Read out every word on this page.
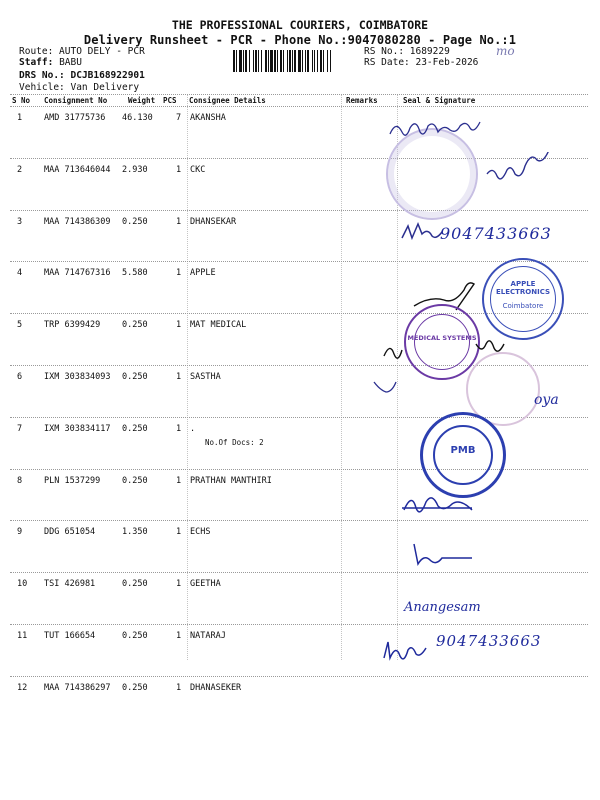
THE PROFESSIONAL COURIERS, COIMBATORE
Delivery Runsheet - PCR - Phone No.:9047080280 - Page No.:1
Route: AUTO DELY - PCR
Staff: BABU
DRS No.: DCJB168922901
Vehicle: Van Delivery
RS No.: 1689229
RS Date: 23-Feb-2026
mo
S No Consignment No	Weight PCS Consignee Details	Remarks	Seal & Signature
1	AMD 31775736 46.130	7 AKANSHA
2	MAA 713646044 2.930	1 CKC
3	MAA 714386309 0.250	1 DHANSEKAR
4	MAA 714767316 5.580	1 APPLE
5	TRP 6399429	0.250	1 MAT MEDICAL
6	IXM 303834093 0.250	1 SASTHA
7	IXM 303834117 0.250	1 .
No.Of Docs: 2
8	PLN 1537299	0.250	1 PRATHAN MANTHIRI
9	DDG 651054	1.350	1 ECHS
10 TSI 426981	0.250	1 GEETHA
11 TUT 166654	0.250	1 NATARAJ
12 MAA 714386297 0.250	1 DHANASEKER
9047433663
APPLE ELECTRONICS
Coimbatore
MEDICAL SYSTEMS
oya
PMB
Anangesam
9047433663
